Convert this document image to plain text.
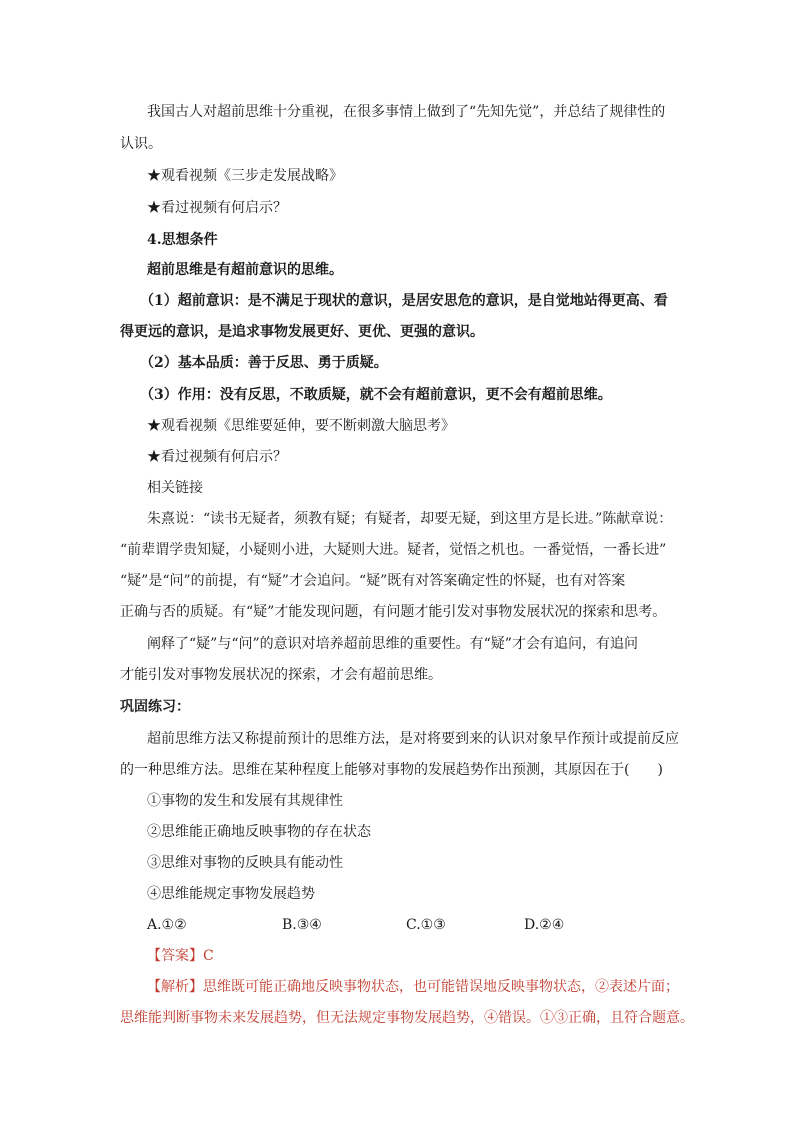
我国古人对超前思维十分重视，在很多事情上做到了“先知先觉”，并总结了规律性的
认识。
★观看视频《三步走发展战略》
★看过视频有何启示？
4.思想条件
超前思维是有超前意识的思维。
（1）超前意识：是不满足于现状的意识，是居安思危的意识，是自觉地站得更高、看
得更远的意识，是追求事物发展更好、更优、更强的意识。
（2）基本品质：善于反思、勇于质疑。
（3）作用：没有反思，不敢质疑，就不会有超前意识，更不会有超前思维。
★观看视频《思维要延伸，要不断刺激大脑思考》
★看过视频有何启示？
相关链接
朱熹说：“读书无疑者，须教有疑；有疑者，却要无疑，到这里方是长进。”陈献章说：
“前辈谓学贵知疑，小疑则小进，大疑则大进。疑者，觉悟之机也。一番觉悟，一番长进”
“疑”是“问”的前提，有“疑”才会追问。“疑”既有对答案确定性的怀疑，也有对答案
正确与否的质疑。有“疑”才能发现问题，有问题才能引发对事物发展状况的探索和思考。
阐释了“疑”与“问”的意识对培养超前思维的重要性。有“疑”才会有追问，有追问
才能引发对事物发展状况的探索，才会有超前思维。
巩固练习：
超前思维方法又称提前预计的思维方法，是对将要到来的认识对象早作预计或提前反应
的一种思维方法。思维在某种程度上能够对事物的发展趋势作出预测，其原因在于(　　)
①事物的发生和发展有其规律性
②思维能正确地反映事物的存在状态
③思维对事物的反映具有能动性
④思维能规定事物发展趋势
A.①②	B.③④	C.①③	D.②④
【答案】C
【解析】思维既可能正确地反映事物状态，也可能错误地反映事物状态，②表述片面；
思维能判断事物未来发展趋势，但无法规定事物发展趋势，④错误。①③正确，且符合题意。
